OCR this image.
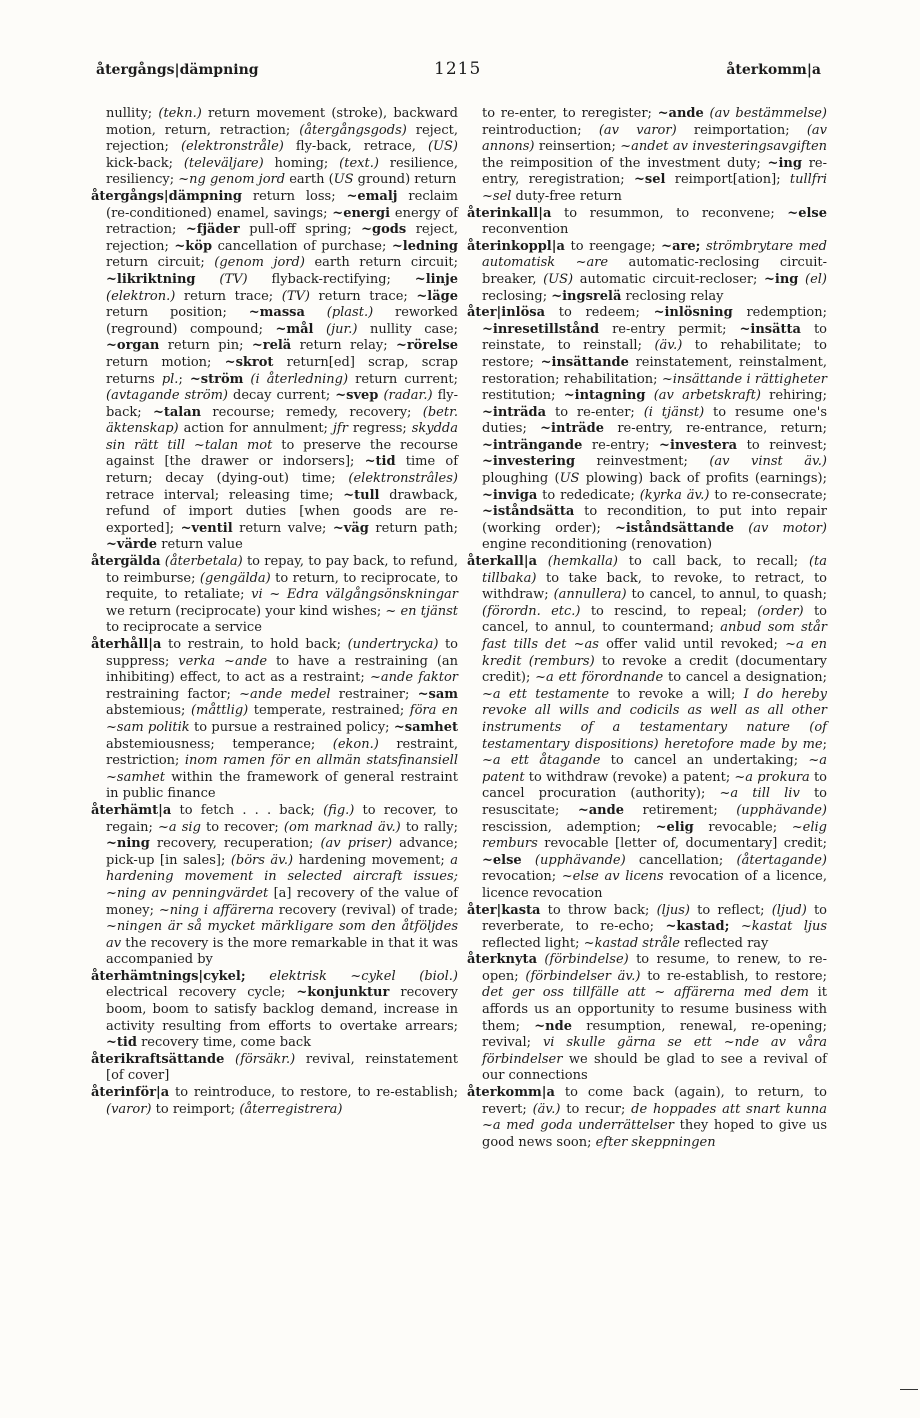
återgångs|dämpning	1215	återkomm|a

nullity; (tekn.) return movement (stroke), backward motion, return, retraction; (återgångsgods) reject, rejection; (elektronstråle) fly-back, retrace, (US) kick-back; (televäljare) homing; (text.) resilience, resiliency; ~ng genom jord earth (US ground) return

återgångs|dämpning return loss; ~emalj reclaim (re-conditioned) enamel, savings; ~energi energy of retraction; ~fjäder pull-off spring; ~gods reject, rejection; ~köp cancellation of purchase; ~ledning return circuit; (genom jord) earth return circuit; ~likriktning (TV) flyback-rectifying; ~linje (elektron.) return trace; (TV) return trace; ~läge return position; ~massa (plast.) reworked (reground) compound; ~mål (jur.) nullity case; ~organ return pin; ~relä return relay; ~rörelse return motion; ~skrot return[ed] scrap, scrap returns pl.; ~ström (i återledning) return current; (avtagande ström) decay current; ~svep (radar.) fly-back; ~talan recourse; remedy, recovery; (betr. äktenskap) action for annulment; jfr regress; skydda sin rätt till ~talan mot to preserve the recourse against [the drawer or indorsers]; ~tid time of return; decay (dying-out) time; (elektronstrâles) retrace interval; releasing time; ~tull drawback, refund of import duties [when goods are re-exported]; ~ventil return valve; ~väg return path; ~värde return value

återgälda (återbetala) to repay, to pay back, to refund, to reimburse; (gengälda) to return, to reciprocate, to requite, to retaliate; vi ~ Edra välgångsönskningar we return (reciprocate) your kind wishes; ~ en tjänst to reciprocate a service

återhåll|a to restrain, to hold back; (undertrycka) to suppress; verka ~ande to have a restraining (an inhibiting) effect, to act as a restraint; ~ande faktor restraining factor; ~ande medel restrainer; ~sam abstemious; (måttlig) temperate, restrained; föra en ~sam politik to pursue a restrained policy; ~samhet abstemiousness; temperance; (ekon.) restraint, restriction; inom ramen för en allmän statsfinansiell ~samhet within the framework of general restraint in public finance

återhämt|a to fetch . . . back; (fig.) to recover, to regain; ~a sig to recover; (om marknad äv.) to rally; ~ning recovery, recuperation; (av priser) advance; pick-up [in sales]; (börs äv.) hardening movement; a hardening movement in selected aircraft issues; ~ning av penningvärdet [a] recovery of the value of money; ~ning i affärerna recovery (revival) of trade; ~ningen är så mycket märkligare som den åtföljdes av the recovery is the more remarkable in that it was accompanied by

återhämtnings|cykel; elektrisk ~cykel (biol.) electrical recovery cycle; ~konjunktur recovery boom, boom to satisfy backlog demand, increase in activity resulting from efforts to overtake arrears; ~tid recovery time, come back

återikraftsättande (försäkr.) revival, reinstatement [of cover]

återinför|a to reintroduce, to restore, to re-establish; (varor) to reimport; (återregistrera)

to re-enter, to reregister; ~ande (av bestämmelse) reintroduction; (av varor) reimportation; (av annons) reinsertion; ~andet av investeringsavgiften the reimposition of the investment duty; ~ing re-entry, reregistration; ~sel reimport[ation]; tullfri ~sel duty-free return

återinkall|a to resummon, to reconvene; ~else reconvention

återinkoppl|a to reengage; ~are; strömbrytare med automatisk ~are automatic-reclosing circuit-breaker, (US) automatic circuit-recloser; ~ing (el) reclosing; ~ingsrelä reclosing relay

åter|inlösa to redeem; ~inlösning redemption; ~inresetillstånd re-entry permit; ~insätta to reinstate, to reinstall; (äv.) to rehabilitate; to restore; ~insättande reinstatement, reinstalment, restoration; rehabilitation; ~insättande i rättigheter restitution; ~intagning (av arbetskraft) rehiring; ~inträda to re-enter; (i tjänst) to resume one's duties; ~inträde re-entry, re-entrance, return; ~inträngande re-entry; ~investera to reinvest; ~investering reinvestment; (av vinst äv.) ploughing (US plowing) back of profits (earnings); ~inviga to rededicate; (kyrka äv.) to re-consecrate; ~iståndsätta to recondition, to put into repair (working order); ~iståndsättande (av motor) engine reconditioning (renovation)

återkall|a (hemkalla) to call back, to recall; (ta tillbaka) to take back, to revoke, to retract, to withdraw; (annullera) to cancel, to annul, to quash; (förordn. etc.) to rescind, to repeal; (order) to cancel, to annul, to countermand; anbud som står fast tills det ~as offer valid until revoked; ~a en kredit (remburs) to revoke a credit (documentary credit); ~a ett förordnande to cancel a designation; ~a ett testamente to revoke a will; I do hereby revoke all wills and codicils as well as all other instruments of a testamentary nature (of testamentary dispositions) heretofore made by me; ~a ett åtagande to cancel an undertaking; ~a patent to withdraw (revoke) a patent; ~a prokura to cancel procuration (authority); ~a till liv to resuscitate; ~ande retirement; (upphävande) rescission, ademption; ~elig revocable; ~elig remburs revocable [letter of, documentary] credit; ~else (upphävande) cancellation; (återtagande) revocation; ~else av licens revocation of a licence, licence revocation

åter|kasta to throw back; (ljus) to reflect; (ljud) to reverberate, to re-echo; ~kastad; ~kastat ljus reflected light; ~kastad stråle reflected ray

återknyta (förbindelse) to resume, to renew, to re-open; (förbindelser äv.) to re-establish, to restore; det ger oss tillfälle att ~ affärerna med dem it affords us an opportunity to resume business with them; ~nde resumption, renewal, re-opening; revival; vi skulle gärna se ett ~nde av våra förbindelser we should be glad to see a revival of our connections

återkomm|a to come back (again), to return, to revert; (äv.) to recur; de hoppades att snart kunna ~a med goda underrättelser they hoped to give us good news soon; efter skeppningen
